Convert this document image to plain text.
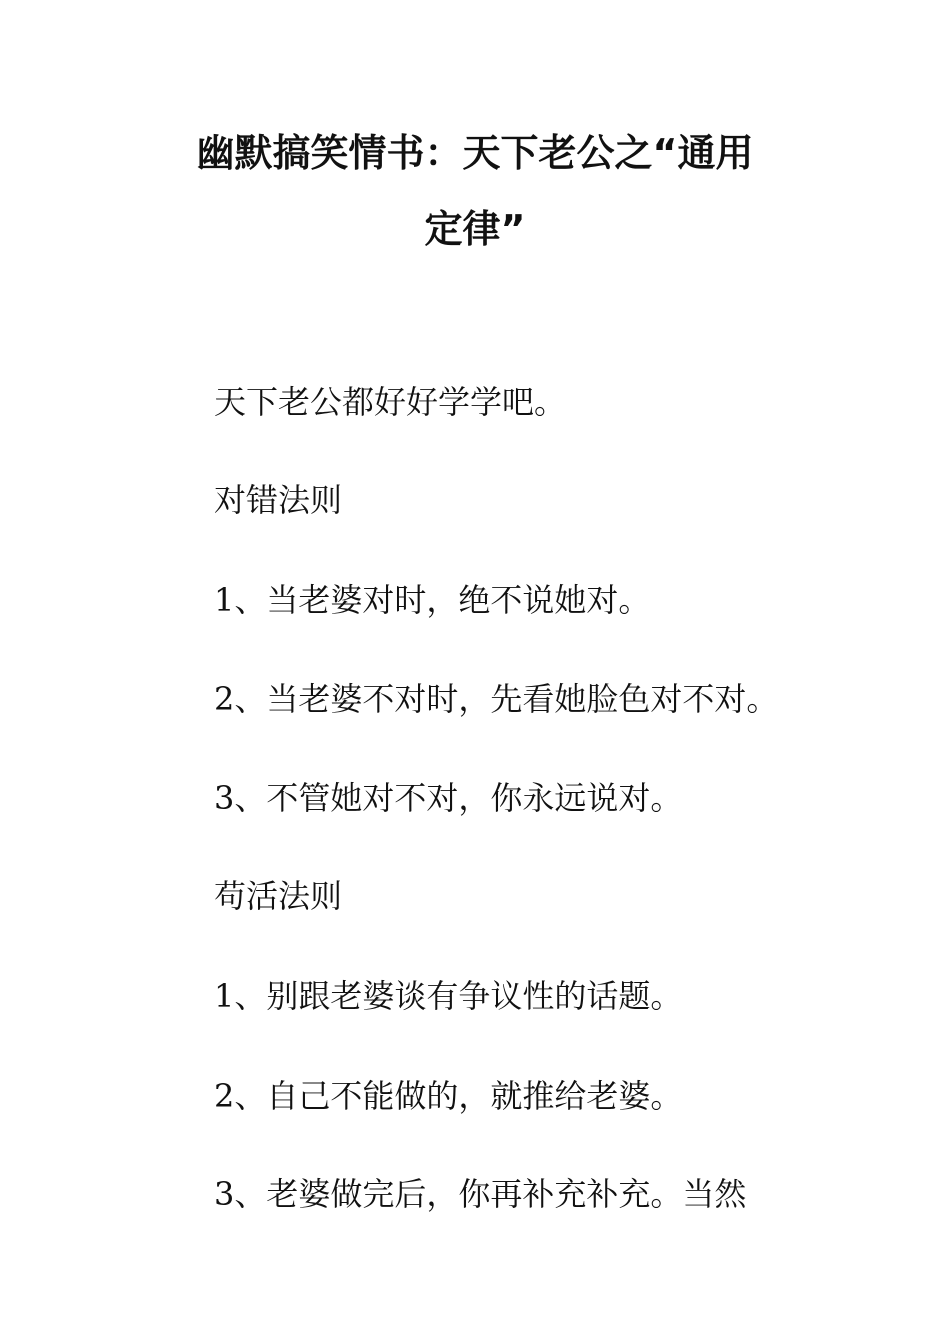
幽默搞笑情书：天下老公之“通用
定律”

天下老公都好好学学吧。

对错法则

1、当老婆对时，绝不说她对。

2、当老婆不对时，先看她脸色对不对。

3、不管她对不对，你永远说对。

苟活法则

1、别跟老婆谈有争议性的话题。

2、自己不能做的，就推给老婆。

3、老婆做完后，你再补充补充。当然
